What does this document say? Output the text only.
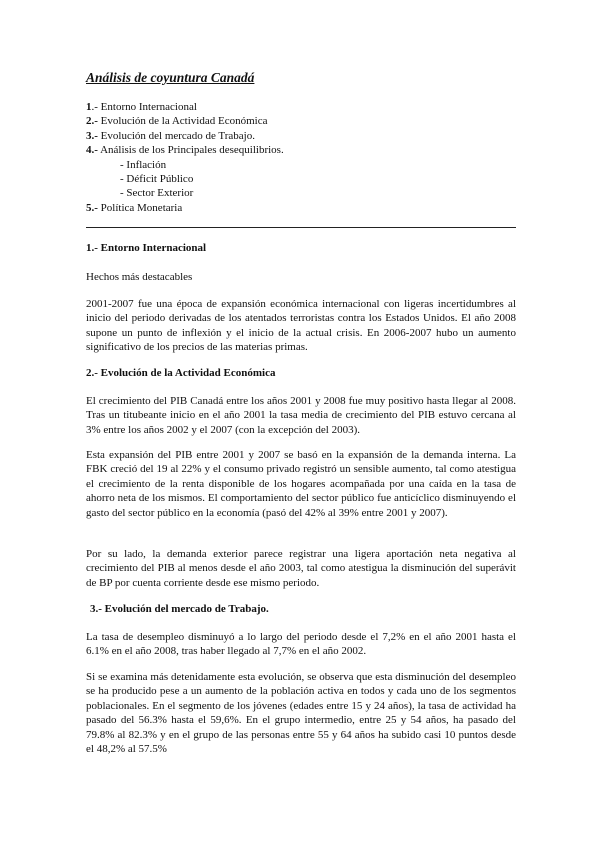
Análisis de coyuntura Canadá
1.- Entorno Internacional
2.- Evolución de la Actividad Económica
3.- Evolución del mercado de Trabajo.
4.- Análisis de los Principales desequilibrios.
- Inflación
- Déficit Público
- Sector Exterior
5.- Política Monetaria
1.- Entorno Internacional

Hechos más destacables

2001-2007 fue una época de expansión económica internacional con ligeras incertidumbres al inicio del periodo derivadas de los atentados terroristas contra los Estados Unidos. El año 2008 supone un punto de inflexión y el inicio de la actual crisis. En 2006-2007 hubo un aumento significativo de los precios de las materias primas.

2.- Evolución de la Actividad Económica

El crecimiento del PIB Canadá entre los años 2001 y 2008 fue muy positivo hasta llegar al 2008. Tras un titubeante inicio en el año 2001 la tasa media de crecimiento del PIB estuvo cercana al 3% entre los años 2002 y el 2007 (con la excepción del 2003).

Esta expansión del PIB entre 2001 y 2007 se basó en la expansión de la demanda interna. La FBK creció del 19 al 22% y el consumo privado registró un sensible aumento, tal como atestigua el crecimiento de la renta disponible de los hogares acompañada por una caída en la tasa de ahorro neta de los mismos. El comportamiento del sector público fue anticíclico disminuyendo el gasto del sector público en la economía (pasó del 42% al 39% entre 2001 y 2007).

Por su lado, la demanda exterior parece registrar una ligera aportación neta negativa al crecimiento del PIB al menos desde el año 2003, tal como atestigua la disminución del superávit de BP por cuenta corriente desde ese mismo periodo.

3.- Evolución del mercado de Trabajo.

La tasa de desempleo disminuyó a lo largo del periodo desde el 7,2% en el año 2001 hasta el 6.1% en el año 2008, tras haber llegado al 7,7% en el año 2002.

Si se examina más detenidamente esta evolución, se observa que esta disminución del desempleo se ha producido pese a un aumento de la población activa en todos y cada uno de los segmentos poblacionales. En el segmento de los jóvenes (edades entre 15 y 24 años), la tasa de actividad ha pasado del 56.3% hasta el 59,6%. En el grupo intermedio, entre 25 y 54 años, ha pasado del 79.8% al 82.3% y en el grupo de las personas entre 55 y 64 años ha subido casi 10 puntos desde el 48,2% al 57.5%
